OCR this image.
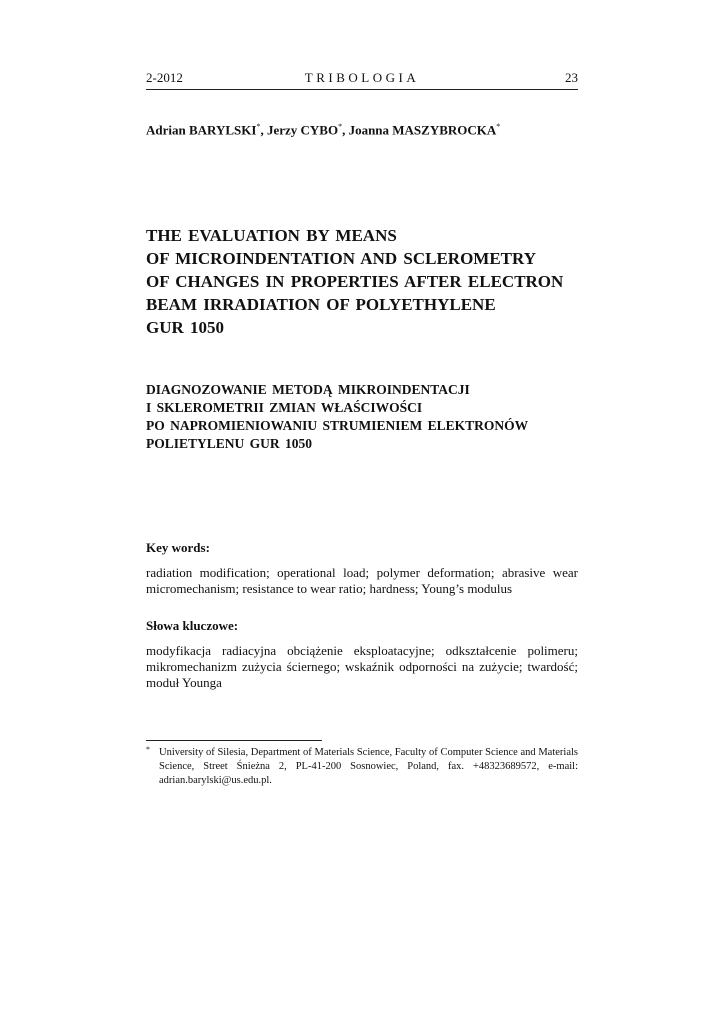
2-2012	TRIBOLOGIA	23
Adrian BARYLSKI*, Jerzy CYBO*, Joanna MASZYBROCKA*
THE EVALUATION BY MEANS
OF MICROINDENTATION AND SCLEROMETRY
OF CHANGES IN PROPERTIES AFTER ELECTRON
BEAM IRRADIATION OF POLYETHYLENE
GUR 1050
DIAGNOZOWANIE METODĄ MIKROINDENTACJI
I SKLEROMETRII ZMIAN WŁAŚCIWOŚCI
PO NAPROMIENIOWANIU STRUMIENIEM ELEKTRONÓW
POLIETYLENU GUR 1050
Key words:
radiation modification; operational load; polymer deformation; abrasive wear micromechanism; resistance to wear ratio; hardness; Young’s modulus
Słowa kluczowe:
modyfikacja radiacyjna obciążenie eksploatacyjne; odkształcenie polimeru; mikromechanizm zużycia ściernego; wskaźnik odporności na zużycie; twardość; moduł Younga
* University of Silesia, Department of Materials Science, Faculty of Computer Science and Materials Science, Street Śnieżna 2, PL-41-200 Sosnowiec, Poland, fax. +48323689572, e-mail: adrian.barylski@us.edu.pl.
